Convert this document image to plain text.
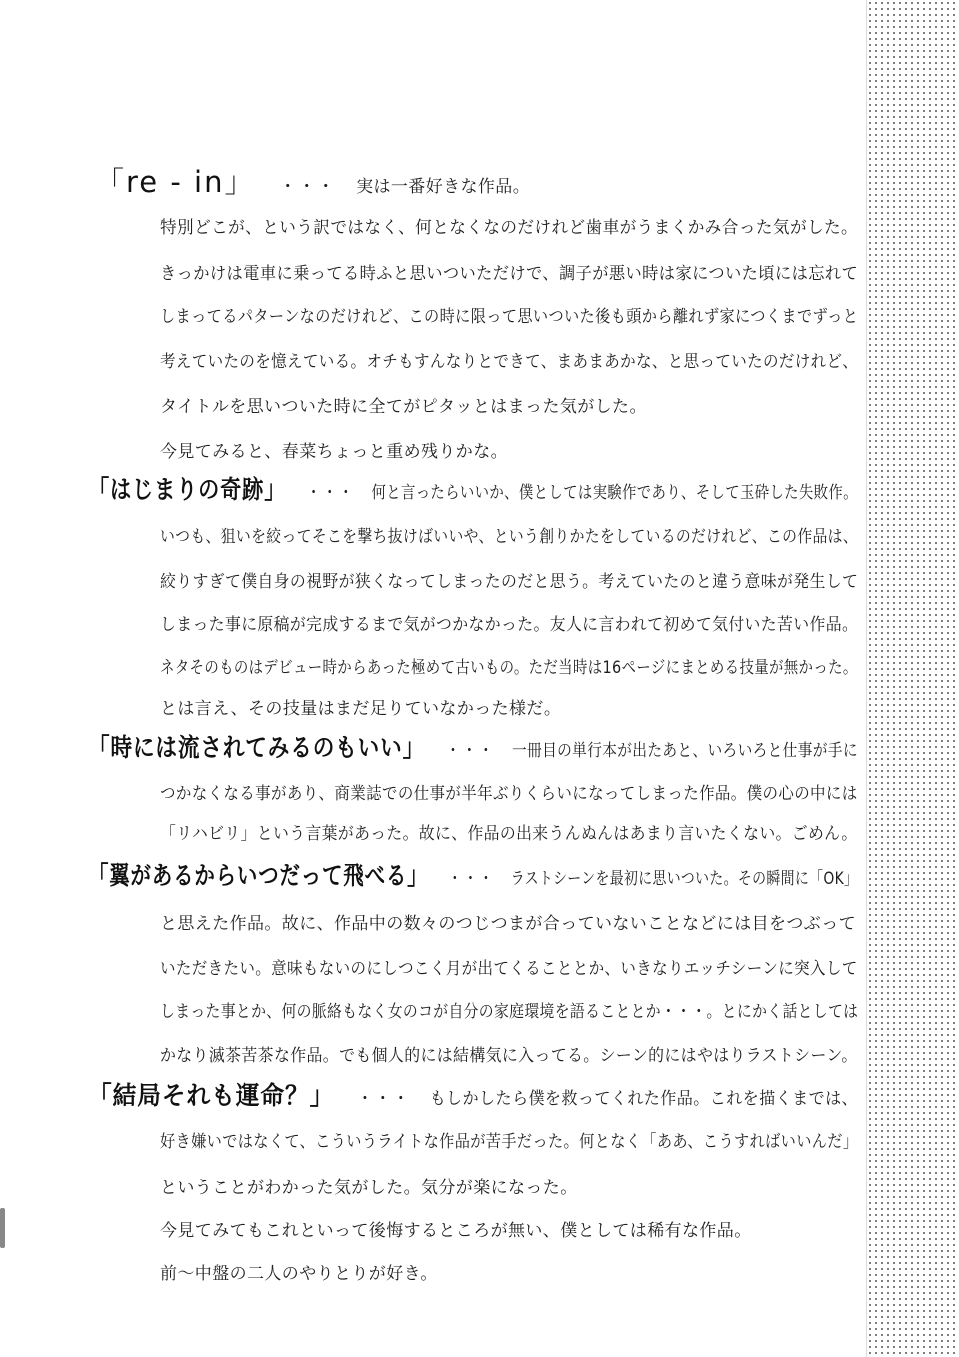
「re - in」 ・・・ 実は一番好きな作品。
特別どこが、という訳ではなく、何となくなのだけれど歯車がうまくかみ合った気がした。
きっかけは電車に乗ってる時ふと思いついただけで、調子が悪い時は家についた頃には忘れて
しまってるパターンなのだけれど、この時に限って思いついた後も頭から離れず家につくまでずっと
考えていたのを憶えている。オチもすんなりとできて、まあまあかな、と思っていたのだけれど、
タイトルを思いついた時に全てがピタッとはまった気がした。
今見てみると、春菜ちょっと重め残りかな。
「はじまりの奇跡」 ・・・ 何と言ったらいいか、僕としては実験作であり、そして玉砕した失敗作。
いつも、狙いを絞ってそこを撃ち抜けばいいや、という創りかたをしているのだけれど、この作品は、
絞りすぎて僕自身の視野が狭くなってしまったのだと思う。考えていたのと違う意味が発生して
しまった事に原稿が完成するまで気がつかなかった。友人に言われて初めて気付いた苦い作品。
ネタそのものはデビュー時からあった極めて古いもの。ただ当時は16ページにまとめる技量が無かった。
とは言え、その技量はまだ足りていなかった様だ。
「時には流されてみるのもいい」 ・・・ 一冊目の単行本が出たあと、いろいろと仕事が手に
つかなくなる事があり、商業誌での仕事が半年ぶりくらいになってしまった作品。僕の心の中には
「リハビリ」という言葉があった。故に、作品の出来うんぬんはあまり言いたくない。ごめん。
「翼があるからいつだって飛べる」 ・・・ ラストシーンを最初に思いついた。その瞬間に「OK」
と思えた作品。故に、作品中の数々のつじつまが合っていないことなどには目をつぶって
いただきたい。意味もないのにしつこく月が出てくることとか、いきなりエッチシーンに突入して
しまった事とか、何の脈絡もなく女のコが自分の家庭環境を語ることとか・・・。とにかく話としては
かなり滅茶苦茶な作品。でも個人的には結構気に入ってる。シーン的にはやはりラストシーン。
「結局それも運命？」 ・・・ もしかしたら僕を救ってくれた作品。これを描くまでは、
好き嫌いではなくて、こういうライトな作品が苦手だった。何となく「ああ、こうすればいいんだ」
ということがわかった気がした。気分が楽になった。
今見てみてもこれといって後悔するところが無い、僕としては稀有な作品。
前～中盤の二人のやりとりが好き。
